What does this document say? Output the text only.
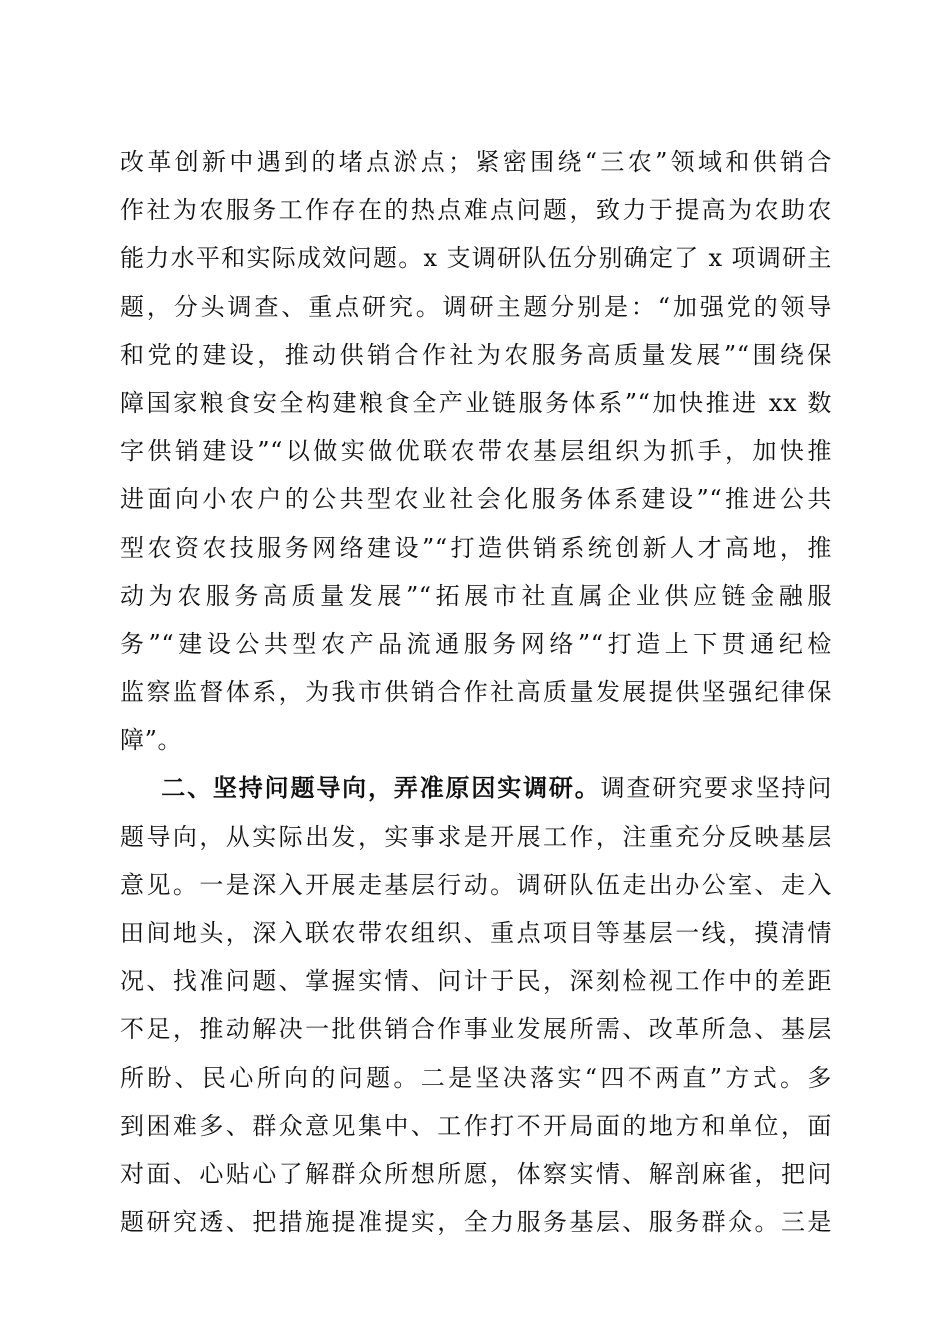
改革创新中遇到的堵点淤点；紧密围绕“三农”领域和供销合
作社为农服务工作存在的热点难点问题，致力于提高为农助农
能力水平和实际成效问题。x 支调研队伍分别确定了 x 项调研主
题，分头调查、重点研究。调研主题分别是：“加强党的领导
和党的建设，推动供销合作社为农服务高质量发展”“围绕保
障国家粮食安全构建粮食全产业链服务体系”“加快推进 xx 数
字供销建设”“以做实做优联农带农基层组织为抓手，加快推
进面向小农户的公共型农业社会化服务体系建设”“推进公共
型农资农技服务网络建设”“打造供销系统创新人才高地，推
动为农服务高质量发展”“拓展市社直属企业供应链金融服
务”“建设公共型农产品流通服务网络”“打造上下贯通纪检
监察监督体系，为我市供销合作社高质量发展提供坚强纪律保
障”。
二、坚持问题导向，弄准原因实调研。调查研究要求坚持问
题导向，从实际出发，实事求是开展工作，注重充分反映基层
意见。一是深入开展走基层行动。调研队伍走出办公室、走入
田间地头，深入联农带农组织、重点项目等基层一线，摸清情
况、找准问题、掌握实情、问计于民，深刻检视工作中的差距
不足，推动解决一批供销合作事业发展所需、改革所急、基层
所盼、民心所向的问题。二是坚决落实“四不两直”方式。多
到困难多、群众意见集中、工作打不开局面的地方和单位，面
对面、心贴心了解群众所想所愿，体察实情、解剖麻雀，把问
题研究透、把措施提准提实，全力服务基层、服务群众。三是
